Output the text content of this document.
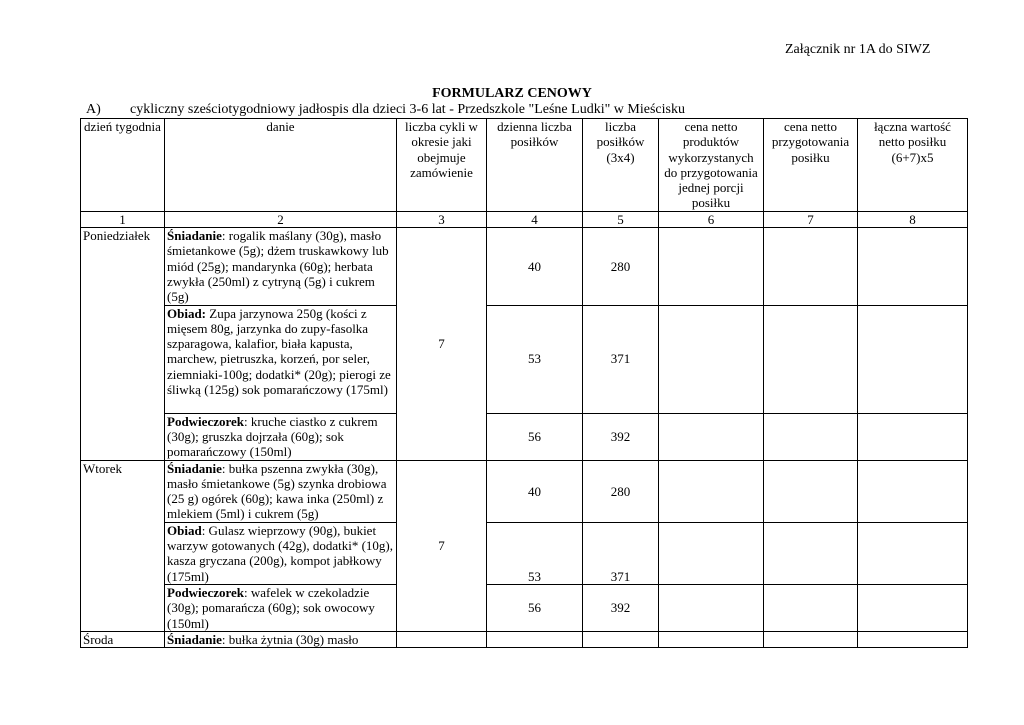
Załącznik nr 1A do SIWZ
FORMULARZ CENOWY
A) cykliczny sześciotygodniowy jadłospis dla dzieci 3-6 lat - Przedszkole "Leśne Ludki" w Mieścisku
dzień tygodnia	danie	liczba cykli w okresie jaki obejmuje zamówienie	dzienna liczba posiłków	liczba posiłków (3x4)	cena netto produktów wykorzystanych do przygotowania jednej porcji posiłku	cena netto przygotowania posiłku	łączna wartość netto posiłku (6+7)x5
1	2	3	4	5	6	7	8
Poniedziałek	Śniadanie: rogalik maślany (30g), masło śmietankowe (5g); dżem truskawkowy lub miód (25g); mandarynka (60g); herbata zwykła (250ml) z cytryną (5g) i cukrem (5g)	7	40	280			
	Obiad: Zupa jarzynowa 250g (kości z mięsem 80g, jarzynka do zupy-fasolka szparagowa, kalafior, biała kapusta, marchew, pietruszka, korzeń, por seler, ziemniaki-100g; dodatki* (20g); pierogi ze śliwką (125g) sok pomarańczowy (175ml)		53	371			
	Podwieczorek: kruche ciastko z cukrem (30g); gruszka dojrzała (60g); sok pomarańczowy (150ml)		56	392			
Wtorek	Śniadanie: bułka pszenna zwykła (30g), masło śmietankowe (5g) szynka drobiowa (25 g) ogórek (60g); kawa inka (250ml) z mlekiem (5ml) i cukrem (5g)	7	40	280			
	Obiad: Gulasz wieprzowy (90g), bukiet warzyw gotowanych (42g), dodatki* (10g), kasza gryczana (200g), kompot jabłkowy (175ml)		53	371			
	Podwieczorek: wafelek w czekoladzie (30g); pomarańcza (60g); sok owocowy (150ml)		56	392			
Środa	Śniadanie: bułka żytnia (30g) masło						
